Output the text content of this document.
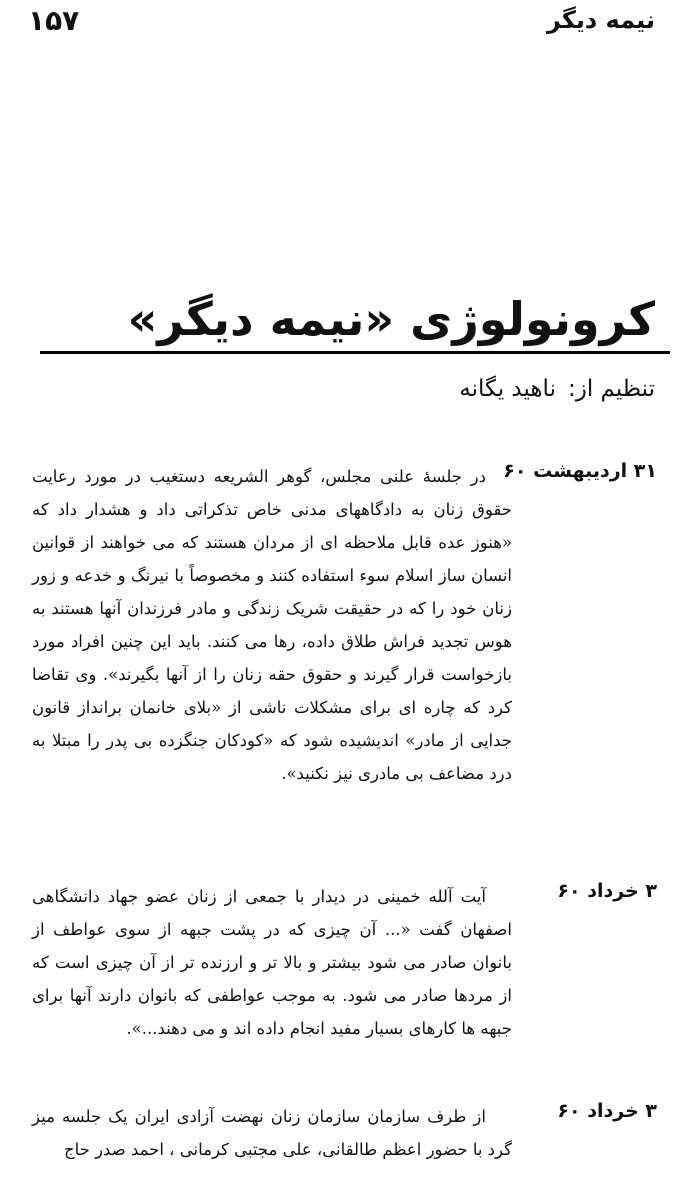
نیمه دیگر
۱۵۷
کرونولوژی «نیمه دیگر»
تنظیم از:ناهید یگانه
۳۱ اردیبهشت ۶۰

در جلسهٔ علنی مجلس، گوهر الشریعه دستغیب در مورد رعایت حقوق زنان به دادگاههای مدنی خاص تذکراتی داد و هشدار داد که «هنوز عده قابل ملاحظه ای از مردان هستند که می خواهند از قوانین انسان ساز اسلام سوء استفاده کنند و مخصوصاً با نیرنگ و خدعه و زور زنان خود را که در حقیقت شریک زندگی و مادر فرزندان آنها هستند به هوس تجدید فراش طلاق داده، رها می کنند. باید این چنین افراد مورد بازخواست قرار گیرند و حقوق حقه زنان را از آنها بگیرند». وی تقاضا کرد که چاره ای برای مشکلات ناشی از «بلای خانمان برانداز قانون جدایی از مادر» اندیشیده شود که «کودکان جنگزده بی پدر را مبتلا به درد مضاعف بی مادری نیز نکنید».

۳ خرداد ۶۰

آیت آلله خمینی در دیدار با جمعی از زنان عضو جهاد دانشگاهی اصفهان گفت «... آن چیزی که در پشت جبهه از سوی عواطف از بانوان صادر می شود بیشتر و بالا تر و ارزنده تر از آن چیزی است که از مردها صادر می شود. به موجب عواطفی که بانوان دارند آنها برای جبهه ها کارهای بسیار مفید انجام داده اند و می دهند...».

۳ خرداد ۶۰

از طرف سازمان سازمان زنان نهضت آزادی ایران یک جلسه میز گرد با حضور اعظم طالقانی، علی مجتبی کرمانی ، احمد صدر حاج
